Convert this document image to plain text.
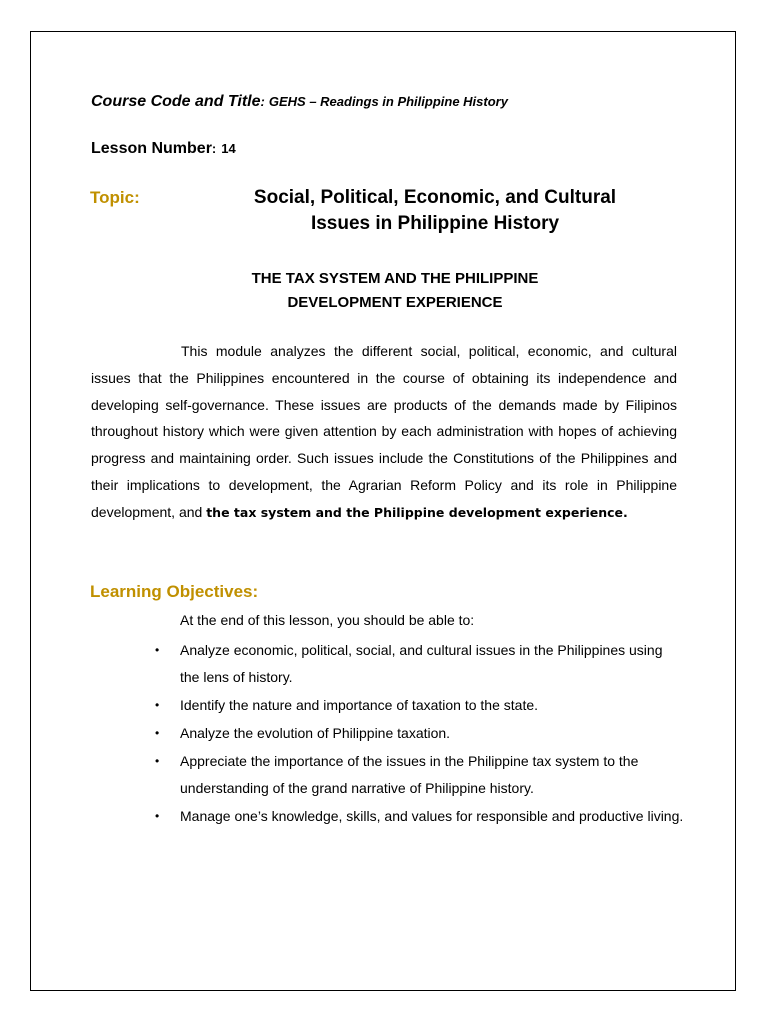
Course Code and Title: GEHS – Readings in Philippine History
Lesson Number: 14
Topic:	Social, Political, Economic, and Cultural
Issues in Philippine History
THE TAX SYSTEM AND THE PHILIPPINE
DEVELOPMENT EXPERIENCE

This module analyzes the different social, political, economic, and cultural issues that the Philippines encountered in the course of obtaining its independence and developing self-governance. These issues are products of the demands made by Filipinos throughout history which were given attention by each administration with hopes of achieving progress and maintaining order. Such issues include the Constitutions of the Philippines and their implications to development, the Agrarian Reform Policy and its role in Philippine development, and the tax system and the Philippine development experience.

Learning Objectives:
At the end of this lesson, you should be able to:
• Analyze economic, political, social, and cultural issues in the Philippines using the lens of history.
• Identify the nature and importance of taxation to the state.
• Analyze the evolution of Philippine taxation.
• Appreciate the importance of the issues in the Philippine tax system to the understanding of the grand narrative of Philippine history.
• Manage one’s knowledge, skills, and values for responsible and productive living.
